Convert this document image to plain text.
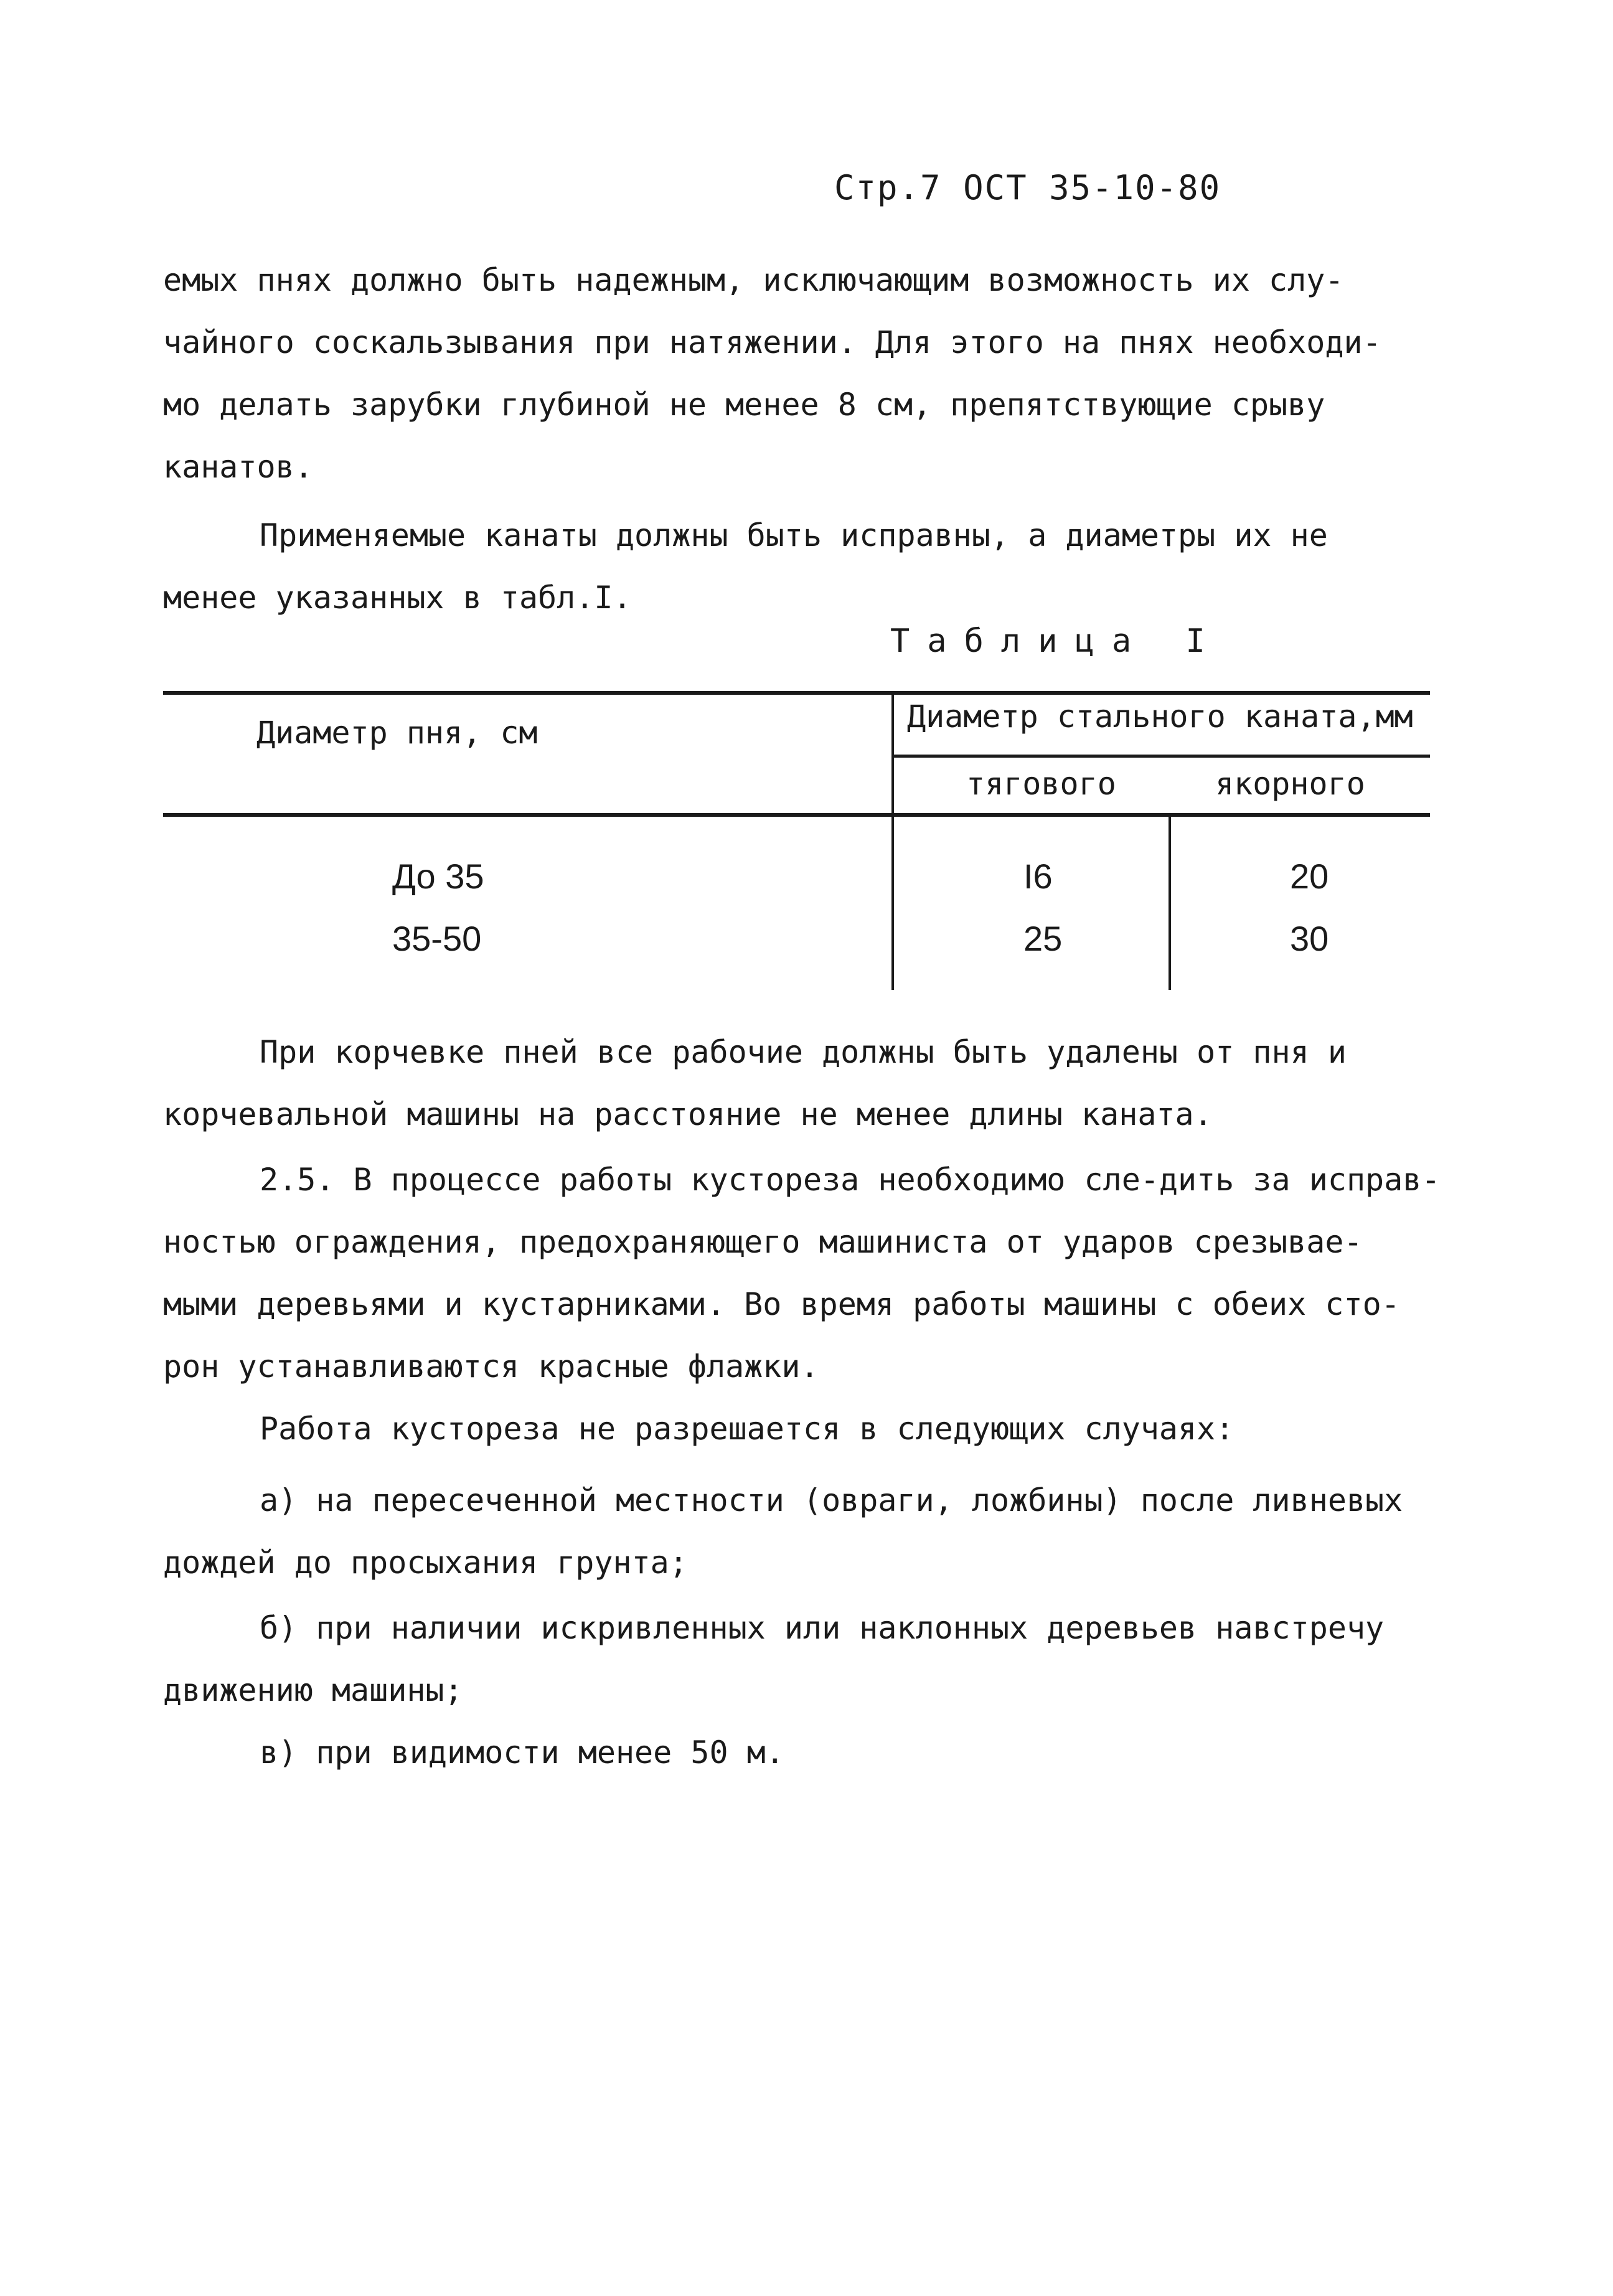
Стр.7 ОСТ 35-10-80
емых пнях должно быть надежным, исключающим возможность их слу-
чайного соскальзывания при натяжении. Для этого на пнях необходи-
мо делать зарубки глубиной не менее 8 см, препятствующие срыву
канатов.
Применяемые канаты должны быть исправны, а диаметры их не
менее указанных в табл.I.
Таблица I
Диаметр пня, см	Диаметр стального каната,мм
тягового	якорного
До 35	I6	20
35-50	25	30
При корчевке пней все рабочие должны быть удалены от пня и
корчевальной машины на расстояние не менее длины каната.
2.5. В процессе работы кустореза необходимо сле-дить за исправ-
ностью ограждения, предохраняющего машиниста от ударов срезывае-
мыми деревьями и кустарниками. Во время работы машины с обеих сто-
рон устанавливаются красные флажки.
Работа кустореза не разрешается в следующих случаях:
а) на пересеченной местности (овраги, ложбины) после ливневых
дождей до просыхания грунта;
б) при наличии искривленных или наклонных деревьев навстречу
движению машины;
в) при видимости менее 50 м.
